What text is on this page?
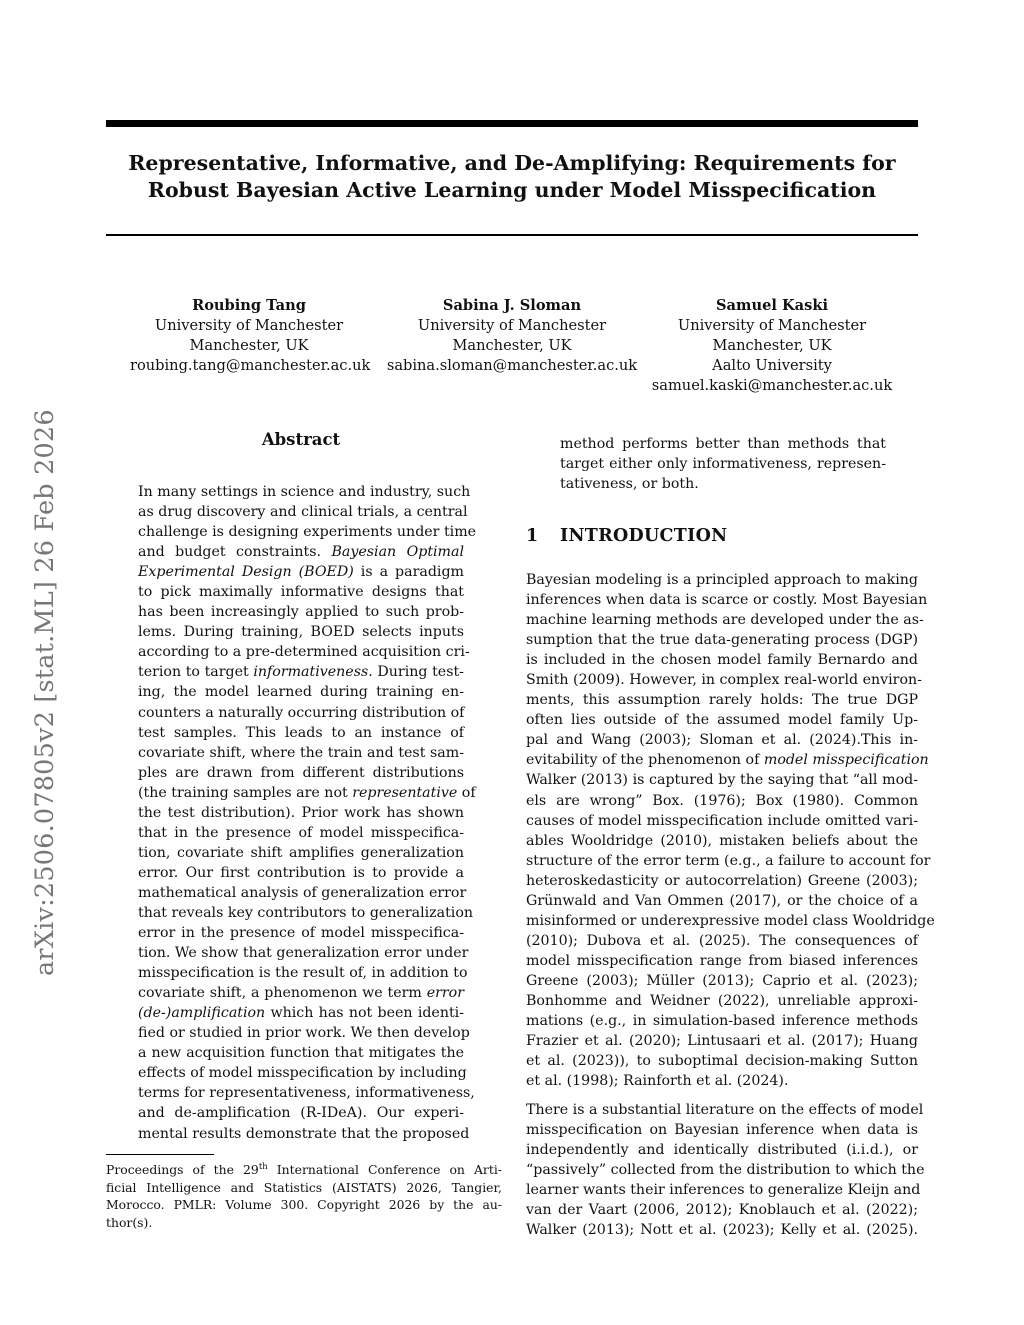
arXiv:2506.07805v2 [stat.ML] 26 Feb 2026
Representative, Informative, and De-Amplifying: Requirements for
Robust Bayesian Active Learning under Model Misspecification
Roubing Tang
University of Manchester
Manchester, UK
roubing.tang@manchester.ac.uk
Sabina J. Sloman
University of Manchester
Manchester, UK
sabina.sloman@manchester.ac.uk
Samuel Kaski
University of Manchester
Manchester, UK
Aalto University
samuel.kaski@manchester.ac.uk
Abstract
In many settings in science and industry, such
as drug discovery and clinical trials, a central
challenge is designing experiments under time
and budget constraints. Bayesian Optimal
Experimental Design (BOED) is a paradigm
to pick maximally informative designs that
has been increasingly applied to such prob-
lems. During training, BOED selects inputs
according to a pre-determined acquisition cri-
terion to target informativeness. During test-
ing, the model learned during training en-
counters a naturally occurring distribution of
test samples. This leads to an instance of
covariate shift, where the train and test sam-
ples are drawn from different distributions
(the training samples are not representative of
the test distribution). Prior work has shown
that in the presence of model misspecifica-
tion, covariate shift amplifies generalization
error. Our first contribution is to provide a
mathematical analysis of generalization error
that reveals key contributors to generalization
error in the presence of model misspecifica-
tion. We show that generalization error under
misspecification is the result of, in addition to
covariate shift, a phenomenon we term error
(de-)amplification which has not been identi-
fied or studied in prior work. We then develop
a new acquisition function that mitigates the
effects of model misspecification by including
terms for representativeness, informativeness,
and de-amplification (R-IDeA). Our experi-
mental results demonstrate that the proposed
method performs better than methods that
target either only informativeness, represen-
tativeness, or both.
1 INTRODUCTION
Bayesian modeling is a principled approach to making
inferences when data is scarce or costly. Most Bayesian
machine learning methods are developed under the as-
sumption that the true data-generating process (DGP)
is included in the chosen model family Bernardo and
Smith (2009). However, in complex real-world environ-
ments, this assumption rarely holds: The true DGP
often lies outside of the assumed model family Up-
pal and Wang (2003); Sloman et al. (2024).This in-
evitability of the phenomenon of model misspecification
Walker (2013) is captured by the saying that “all mod-
els are wrong” Box. (1976); Box (1980). Common
causes of model misspecification include omitted vari-
ables Wooldridge (2010), mistaken beliefs about the
structure of the error term (e.g., a failure to account for
heteroskedasticity or autocorrelation) Greene (2003);
Grünwald and Van Ommen (2017), or the choice of a
misinformed or underexpressive model class Wooldridge
(2010); Dubova et al. (2025). The consequences of
model misspecification range from biased inferences
Greene (2003); Müller (2013); Caprio et al. (2023);
Bonhomme and Weidner (2022), unreliable approxi-
mations (e.g., in simulation-based inference methods
Frazier et al. (2020); Lintusaari et al. (2017); Huang
et al. (2023)), to suboptimal decision-making Sutton
et al. (1998); Rainforth et al. (2024).
There is a substantial literature on the effects of model
misspecification on Bayesian inference when data is
independently and identically distributed (i.i.d.), or
“passively” collected from the distribution to which the
learner wants their inferences to generalize Kleijn and
van der Vaart (2006, 2012); Knoblauch et al. (2022);
Walker (2013); Nott et al. (2023); Kelly et al. (2025).
Proceedings of the 29th International Conference on Arti-
ficial Intelligence and Statistics (AISTATS) 2026, Tangier,
Morocco. PMLR: Volume 300. Copyright 2026 by the au-
thor(s).
